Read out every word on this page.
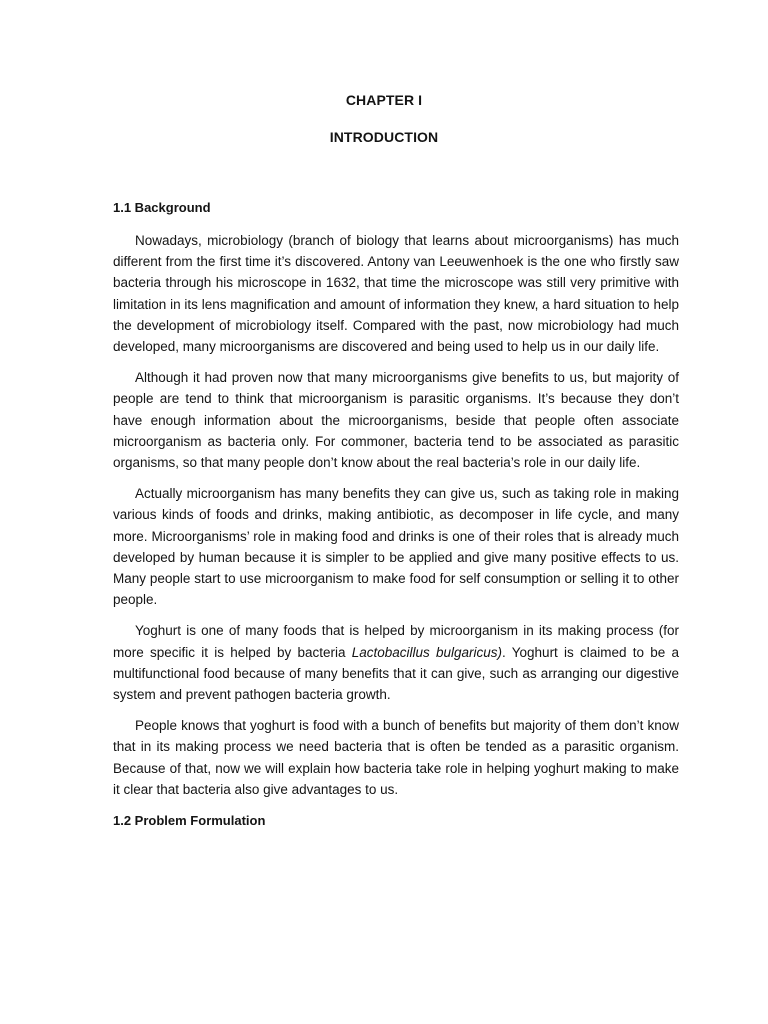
CHAPTER I
INTRODUCTION

1.1 Background

Nowadays, microbiology (branch of biology that learns about microorganisms) has much different from the first time it’s discovered. Antony van Leeuwenhoek is the one who firstly saw bacteria through his microscope in 1632, that time the microscope was still very primitive with limitation in its lens magnification and amount of information they knew, a hard situation to help the development of microbiology itself. Compared with the past, now microbiology had much developed, many microorganisms are discovered and being used to help us in our daily life.

Although it had proven now that many microorganisms give benefits to us, but majority of people are tend to think that microorganism is parasitic organisms. It’s because they don’t have enough information about the microorganisms, beside that people often associate microorganism as bacteria only. For commoner, bacteria tend to be associated as parasitic organisms, so that many people don’t know about the real bacteria’s role in our daily life.

Actually microorganism has many benefits they can give us, such as taking role in making various kinds of foods and drinks, making antibiotic, as decomposer in life cycle, and many more. Microorganisms’ role in making food and drinks is one of their roles that is already much developed by human because it is simpler to be applied and give many positive effects to us. Many people start to use microorganism to make food for self consumption or selling it to other people.

Yoghurt is one of many foods that is helped by microorganism in its making process (for more specific it is helped by bacteria Lactobacillus bulgaricus). Yoghurt is claimed to be a multifunctional food because of many benefits that it can give, such as arranging our digestive system and prevent pathogen bacteria growth.

People knows that yoghurt is food with a bunch of benefits but majority of them don’t know that in its making process we need bacteria that is often be tended as a parasitic organism. Because of that, now we will explain how bacteria take role in helping yoghurt making to make it clear that bacteria also give advantages to us.

1.2 Problem Formulation
